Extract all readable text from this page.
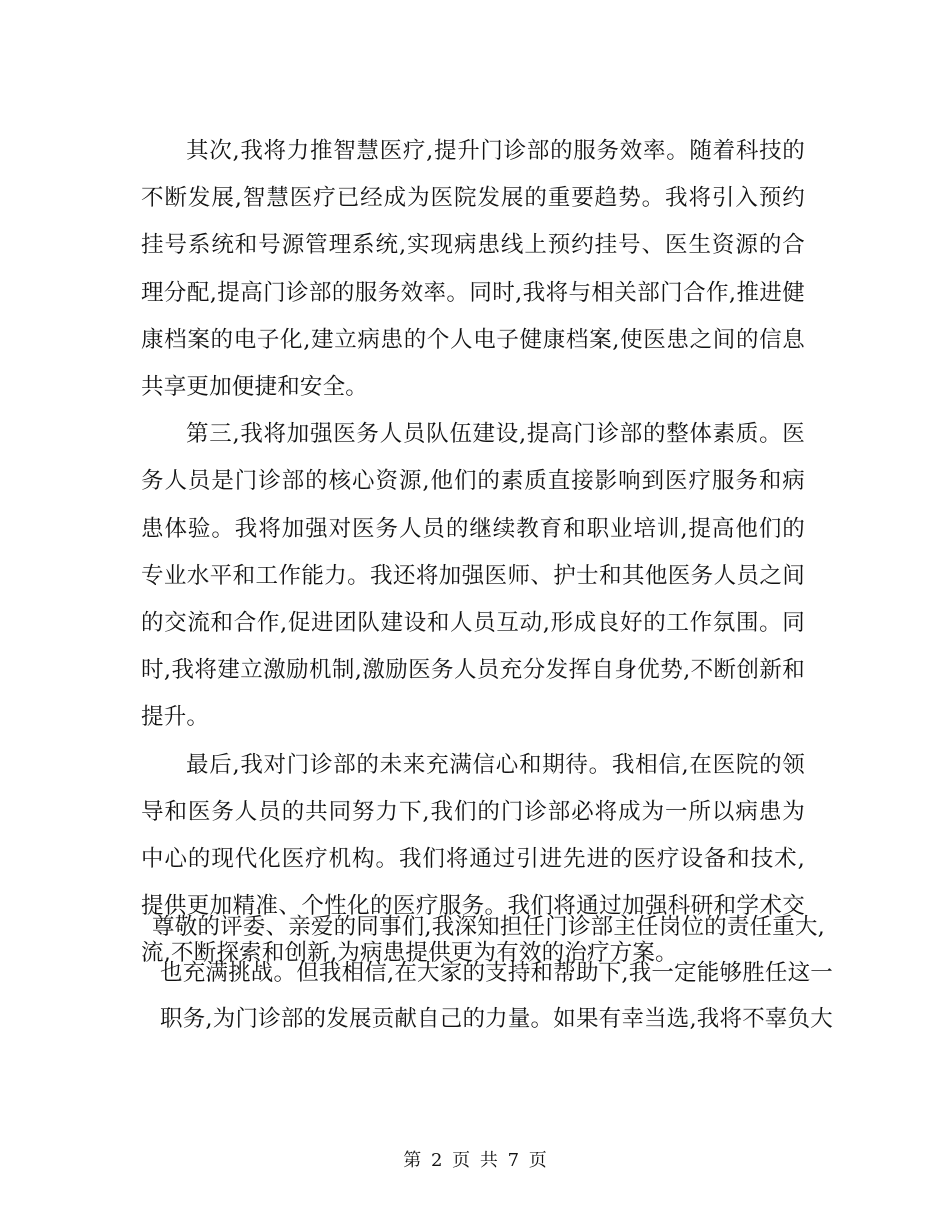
其次,我将力推智慧医疗,提升门诊部的服务效率。随着科技的不断发展,智慧医疗已经成为医院发展的重要趋势。我将引入预约挂号系统和号源管理系统,实现病患线上预约挂号、医生资源的合理分配,提高门诊部的服务效率。同时,我将与相关部门合作,推进健康档案的电子化,建立病患的个人电子健康档案,使医患之间的信息共享更加便捷和安全。

第三,我将加强医务人员队伍建设,提高门诊部的整体素质。医务人员是门诊部的核心资源,他们的素质直接影响到医疗服务和病患体验。我将加强对医务人员的继续教育和职业培训,提高他们的专业水平和工作能力。我还将加强医师、护士和其他医务人员之间的交流和合作,促进团队建设和人员互动,形成良好的工作氛围。同时,我将建立激励机制,激励医务人员充分发挥自身优势,不断创新和提升。

最后,我对门诊部的未来充满信心和期待。我相信,在医院的领导和医务人员的共同努力下,我们的门诊部必将成为一所以病患为中心的现代化医疗机构。我们将通过引进先进的医疗设备和技术,提供更加精准、个性化的医疗服务。我们将通过加强科研和学术交流,不断探索和创新,为病患提供更为有效的治疗方案。

尊敬的评委、亲爱的同事们,我深知担任门诊部主任岗位的责任重大,

也充满挑战。但我相信,在大家的支持和帮助下,我一定能够胜任这一

职务,为门诊部的发展贡献自己的力量。如果有幸当选,我将不辜负大

第 2 页 共 7 页
